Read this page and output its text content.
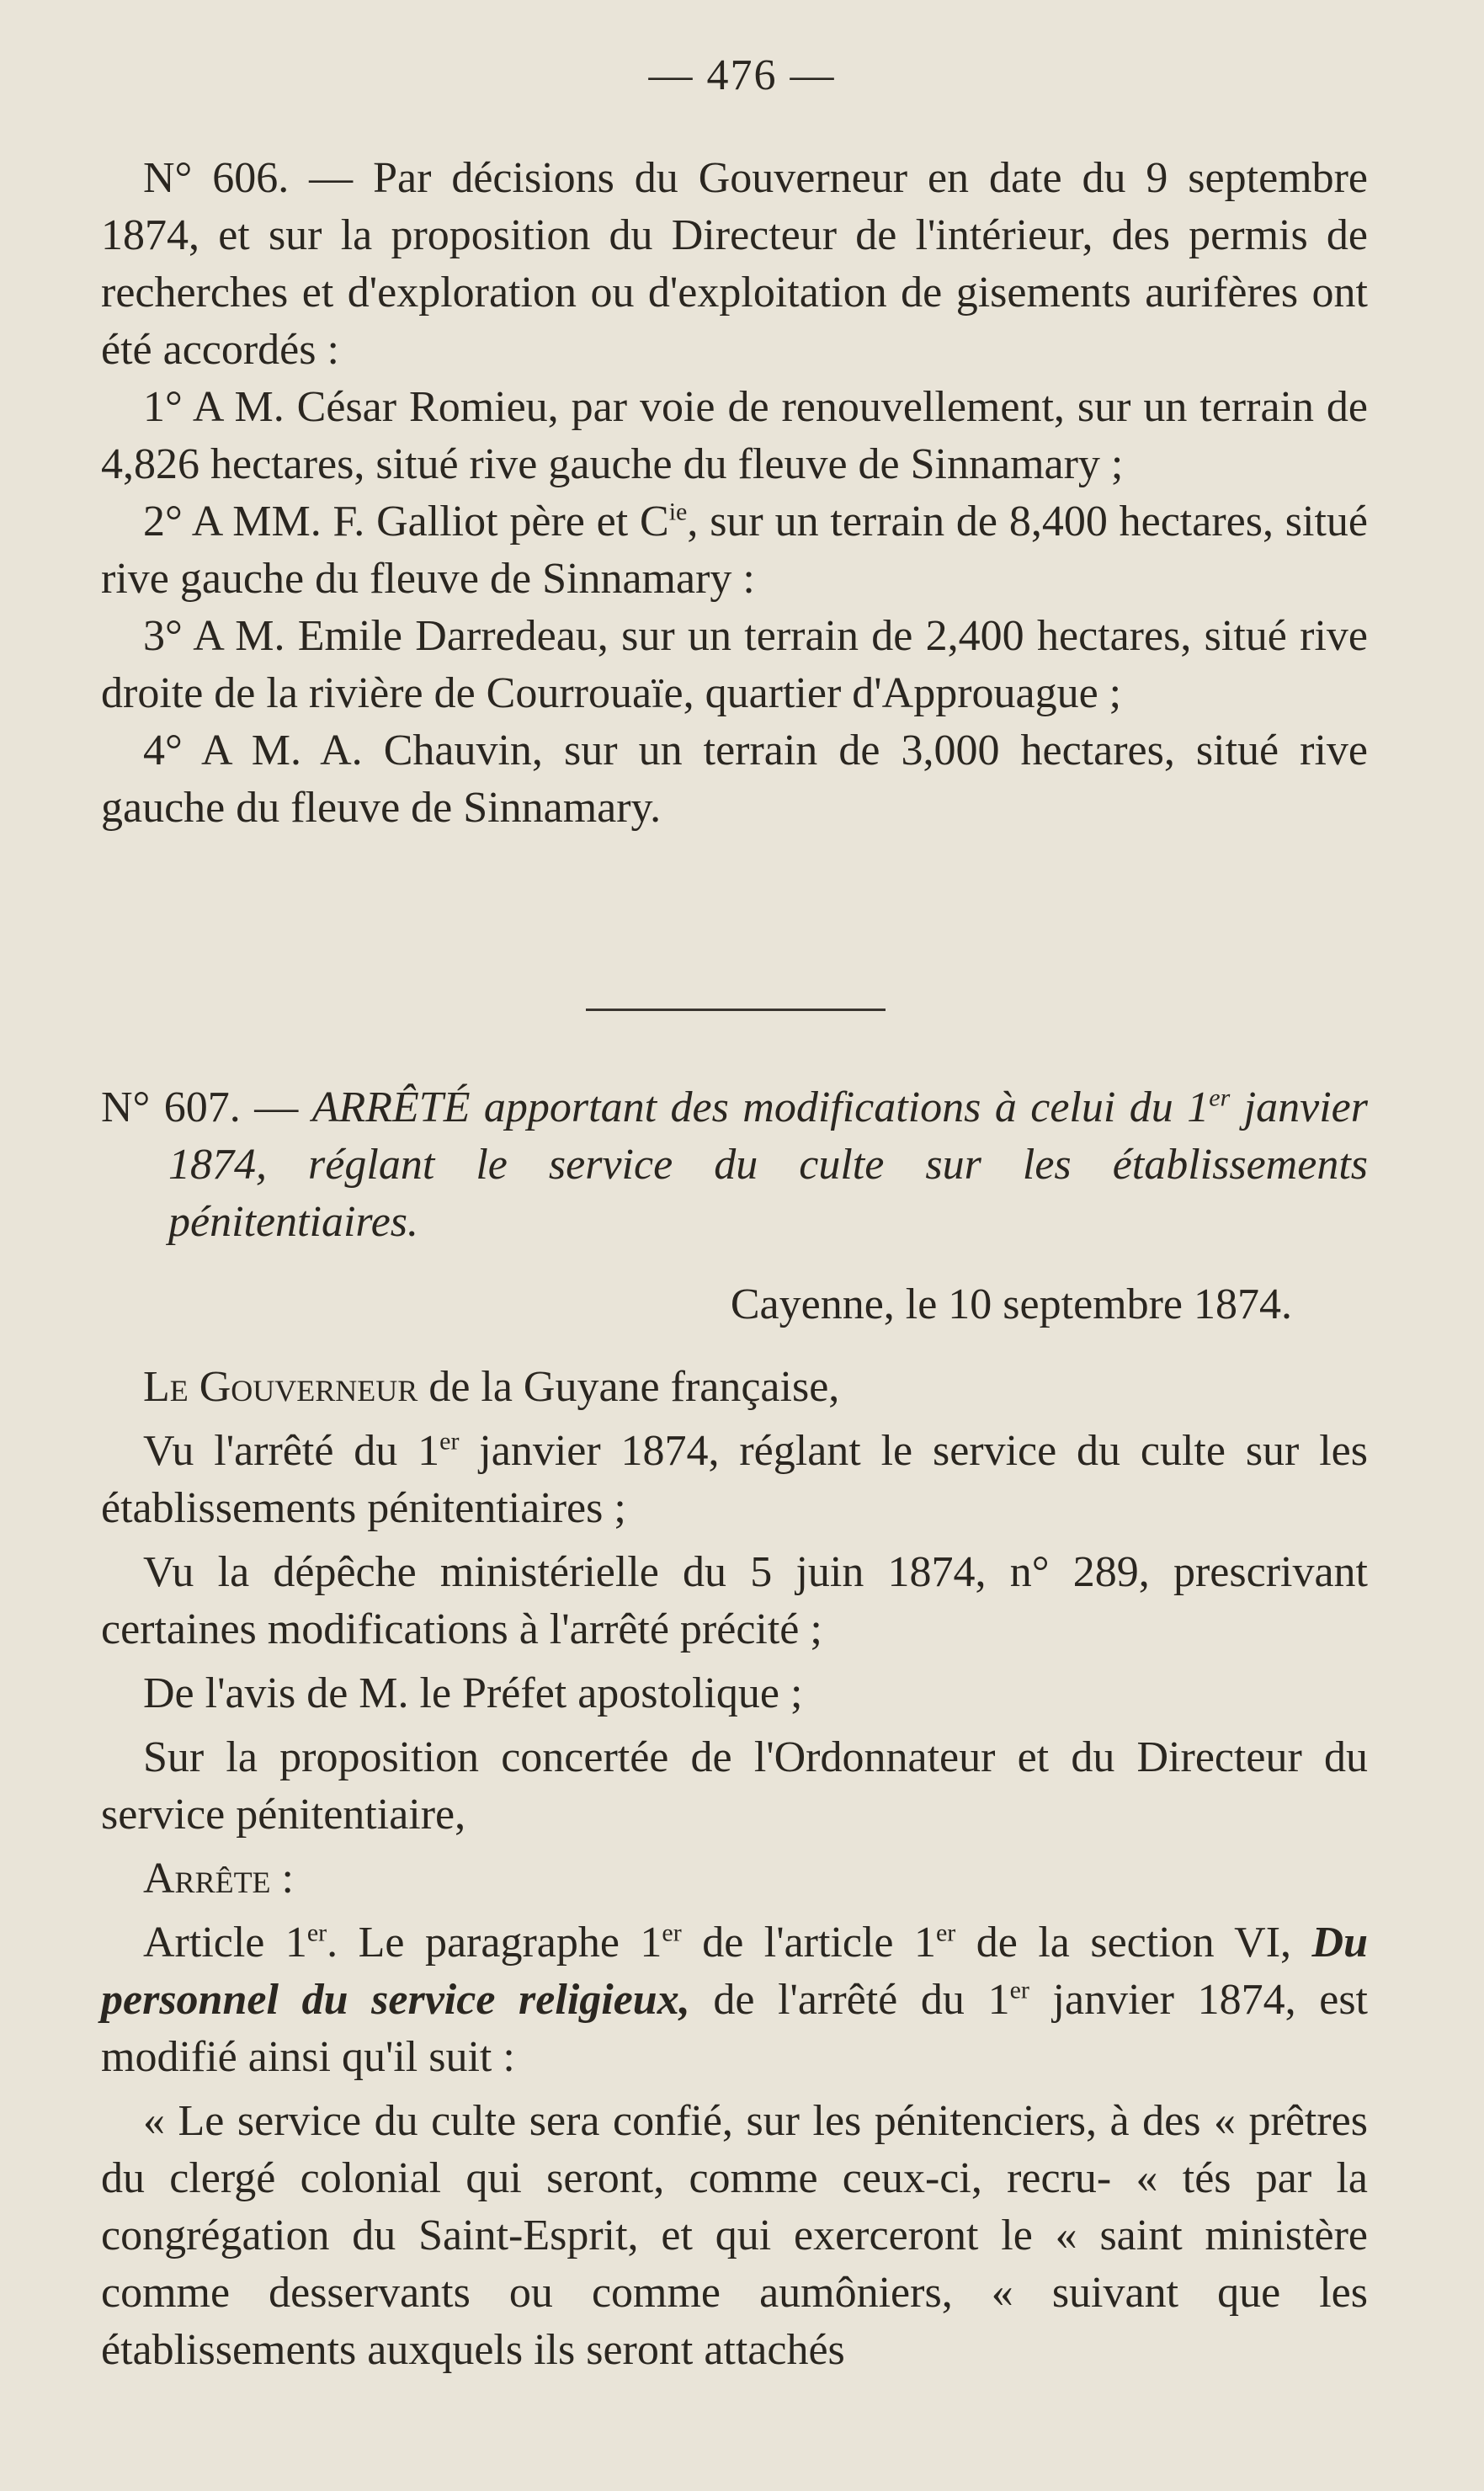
— 476 —

N° 606. — Par décisions du Gouverneur en date du 9 septembre 1874, et sur la proposition du Directeur de l'intérieur, des permis de recherches et d'exploration ou d'exploitation de gisements aurifères ont été accordés :

1° A M. César Romieu, par voie de renouvellement, sur un terrain de 4,826 hectares, situé rive gauche du fleuve de Sinnamary ;

2° A MM. F. Galliot père et $C^{ie}$, sur un terrain de 8,400 hectares, situé rive gauche du fleuve de Sinnamary :

3° A M. Emile Darredeau, sur un terrain de 2,400 hectares, situé rive droite de la rivière de Courrouaïe, quartier d'Approuague ;

4° A M. A. Chauvin, sur un terrain de 3,000 hectares, situé rive gauche du fleuve de Sinnamary.

N° 607. — ARRÊTÉ apportant des modifications à celui du 1er janvier 1874, réglant le service du culte sur les établissements pénitentiaires.

Cayenne, le 10 septembre 1874.

Le Gouverneur de la Guyane française,

Vu l'arrêté du 1er janvier 1874, réglant le service du culte sur les établissements pénitentiaires ;

Vu la dépêche ministérielle du 5 juin 1874, n° 289, prescrivant certaines modifications à l'arrêté précité ;

De l'avis de M. le Préfet apostolique ;

Sur la proposition concertée de l'Ordonnateur et du Directeur du service pénitentiaire,

Arrête :

Article 1er. Le paragraphe 1er de l'article 1er de la section VI, Du personnel du service religieux, de l'arrêté du 1er janvier 1874, est modifié ainsi qu'il suit :

« Le service du culte sera confié, sur les pénitenciers, à des « prêtres du clergé colonial qui seront, comme ceux-ci, recru- « tés par la congrégation du Saint-Esprit, et qui exerceront le « saint ministère comme desservants ou comme aumôniers, « suivant que les établissements auxquels ils seront attachés
